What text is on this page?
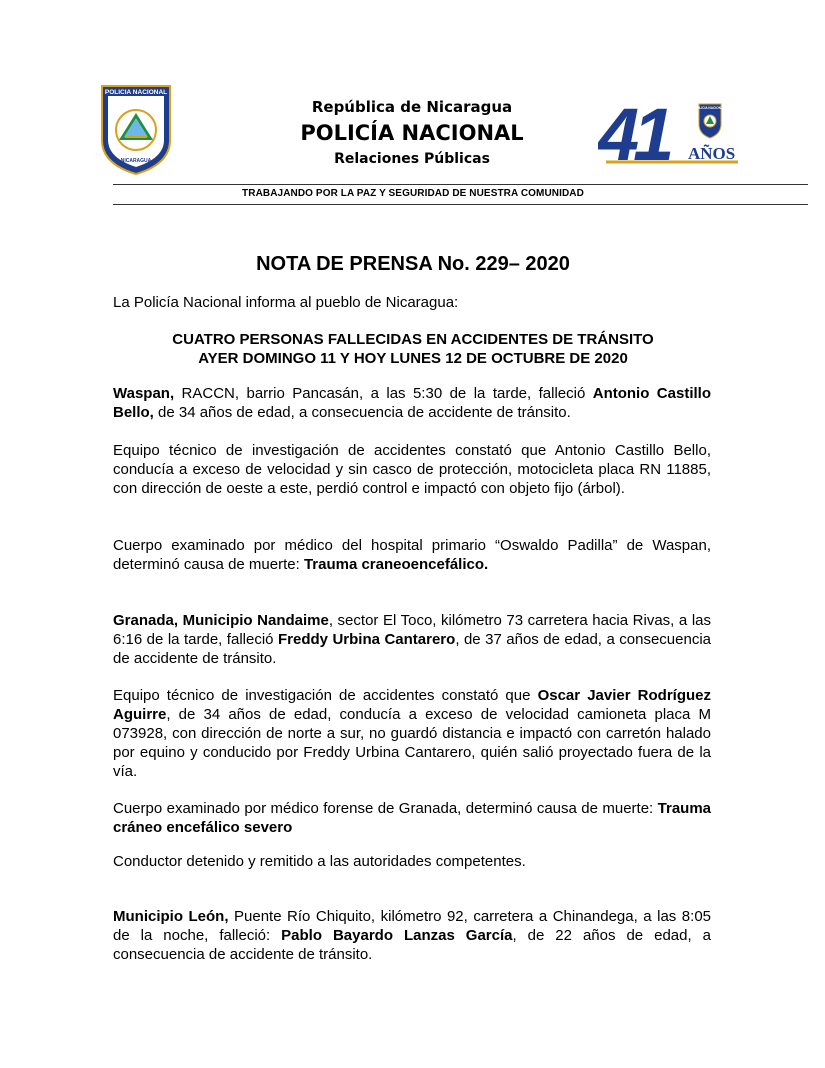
POLICIA NACIONAL
NICARAGUA
República de Nicaragua
POLICÍA NACIONAL
Relaciones Públicas	41	POLICIA NACIONAL
AÑOS
TRABAJANDO POR LA PAZ Y SEGURIDAD DE NUESTRA COMUNIDAD
NOTA DE PRENSA No. 229– 2020
La Policía Nacional informa al pueblo de Nicaragua:
CUATRO PERSONAS FALLECIDAS EN ACCIDENTES DE TRÁNSITO
AYER DOMINGO 11 Y HOY LUNES 12 DE OCTUBRE DE 2020
Waspan, RACCN, barrio Pancasán, a las 5:30 de la tarde, falleció Antonio Castillo Bello, de 34 años de edad, a consecuencia de accidente de tránsito.
Equipo técnico de investigación de accidentes constató que Antonio Castillo Bello, conducía a exceso de velocidad y sin casco de protección, motocicleta placa RN 11885, con dirección de oeste a este, perdió control e impactó con objeto fijo (árbol).
Cuerpo examinado por médico del hospital primario “Oswaldo Padilla” de Waspan, determinó causa de muerte: Trauma craneoencefálico.
Granada, Municipio Nandaime, sector El Toco, kilómetro 73 carretera hacia Rivas, a las 6:16 de la tarde, falleció Freddy Urbina Cantarero, de 37 años de edad, a consecuencia de accidente de tránsito.
Equipo técnico de investigación de accidentes constató que Oscar Javier Rodríguez Aguirre, de 34 años de edad, conducía a exceso de velocidad camioneta placa M 073928, con dirección de norte a sur, no guardó distancia e impactó con carretón halado por equino y conducido por Freddy Urbina Cantarero, quién salió proyectado fuera de la vía.
Cuerpo examinado por médico forense de Granada, determinó causa de muerte: Trauma cráneo encefálico severo
Conductor detenido y remitido a las autoridades competentes.
Municipio León, Puente Río Chiquito, kilómetro 92, carretera a Chinandega, a las 8:05 de la noche, falleció: Pablo Bayardo Lanzas García, de 22 años de edad, a consecuencia de accidente de tránsito.
